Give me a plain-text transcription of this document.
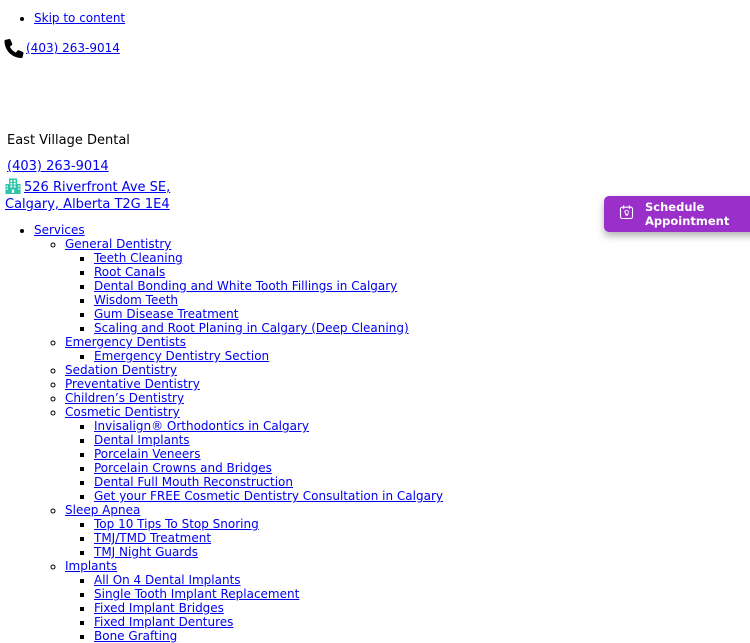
• Skip to content
(403) 263-9014
East Village Dental
(403) 263-9014
526 Riverfront Ave SE,
Calgary, Alberta T2G 1E4
• Services
◦ General Dentistry
▪ Teeth Cleaning
▪ Root Canals
▪ Dental Bonding and White Tooth Fillings in Calgary
▪ Wisdom Teeth
▪ Gum Disease Treatment
▪ Scaling and Root Planing in Calgary (Deep Cleaning)
◦ Emergency Dentists
▪ Emergency Dentistry Section
◦ Sedation Dentistry
◦ Preventative Dentistry
◦ Children’s Dentistry
◦ Cosmetic Dentistry
▪ Invisalign® Orthodontics in Calgary
▪ Dental Implants
▪ Porcelain Veneers
▪ Porcelain Crowns and Bridges
▪ Dental Full Mouth Reconstruction
▪ Get your FREE Cosmetic Dentistry Consultation in Calgary
◦ Sleep Apnea
▪ Top 10 Tips To Stop Snoring
▪ TMJ/TMD Treatment
▪ TMJ Night Guards
◦ Implants
▪ All On 4 Dental Implants
▪ Single Tooth Implant Replacement
▪ Fixed Implant Bridges
▪ Fixed Implant Dentures
▪ Bone Grafting
Schedule
Appointment
